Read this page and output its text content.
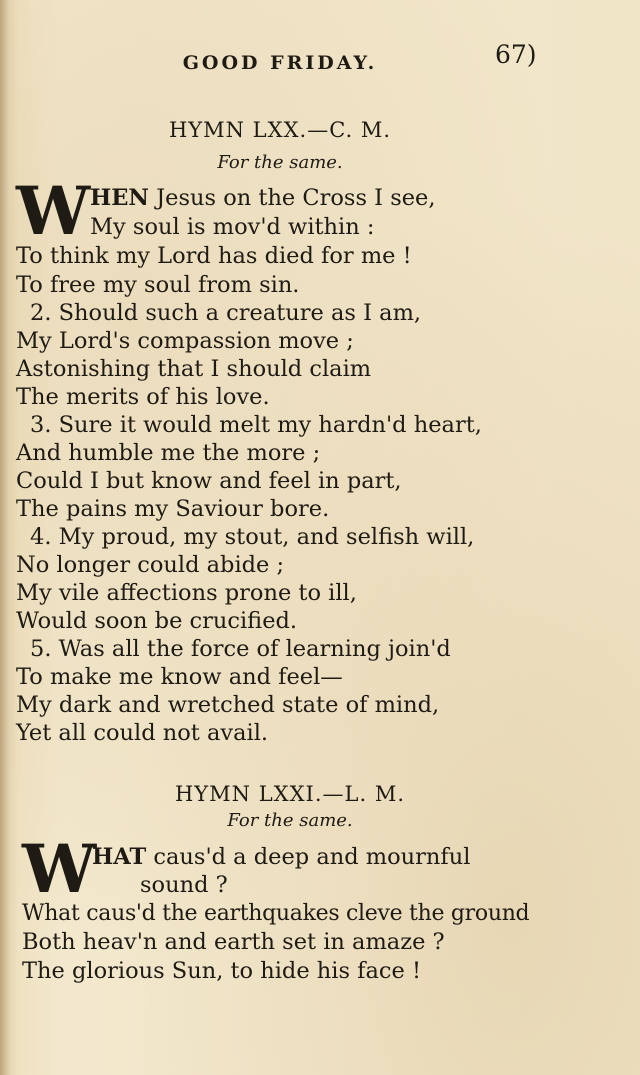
GOOD FRIDAY.	67)
HYMN LXX.—C. M.
For the same.
W HEN Jesus on the Cross I see,
My soul is mov'd within :
To think my Lord has died for me !
To free my soul from sin.
2. Should such a creature as I am,
My Lord's compassion move ;
Astonishing that I should claim
The merits of his love.
3. Sure it would melt my hardn'd heart,
And humble me the more ;
Could I but know and feel in part,
The pains my Saviour bore.
4. My proud, my stout, and selfish will,
No longer could abide ;
My vile affections prone to ill,
Would soon be crucified.
5. Was all the force of learning join'd
To make me know and feel—
My dark and wretched state of mind,
Yet all could not avail.
HYMN LXXI.—L. M.
For the same.
W
HAT caus'd a deep and mournful
sound ?
What caus'd the earthquakes cleve the ground
Both heav'n and earth set in amaze ?
The glorious Sun, to hide his face !
